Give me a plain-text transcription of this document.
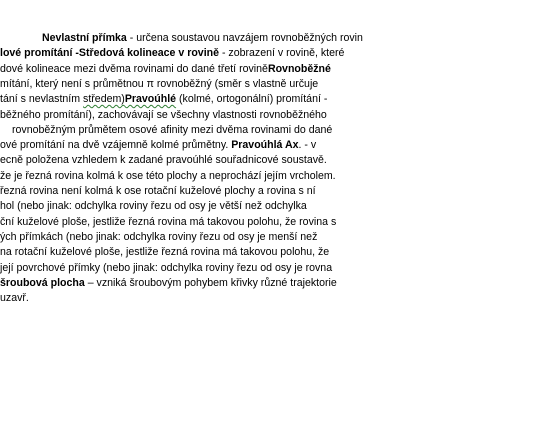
Nevlastní přímka - určena soustavou navzájem rovnoběžných rovin
lové promítání -Středová kolineace v rovině - zobrazení v rovině, které
dové kolineace mezi dvěma rovinami do dané třetí roviněRovnoběžné
mítání, který není s průmětnou π rovnoběžný (směr s vlastně určuje
tání s nevlastním středem)Pravoúhlé (kolmé, ortogonální) promítání -
běžného promítání), zachovávají se všechny vlastnosti rovnoběžného
rovnoběžným průmětem osové afinity mezi dvěma rovinami do dané
ové promítání na dvě vzájemně kolmé průmětny. Pravoúhlá Ax. - v
ecně položena vzhledem k zadané pravoúhlé souřadnicové soustavě.
že je řezná rovina kolmá k ose této plochy a neprochází jejím vrcholem.
řezná rovina není kolmá k ose rotační kuželové plochy a rovina s ní
hol (nebo jinak: odchylka roviny řezu od osy je větší než odchylka
ční kuželové ploše, jestliže řezná rovina má takovou polohu, že rovina s
ých přímkách (nebo jinak: odchylka roviny řezu od osy je menší než
na rotační kuželové ploše, jestliže řezná rovina má takovou polohu, že
její povrchové přímky (nebo jinak: odchylka roviny řezu od osy je rovna
šroubová plocha – vzniká šroubovým pohybem křivky různé trajektorie
uzavř.
